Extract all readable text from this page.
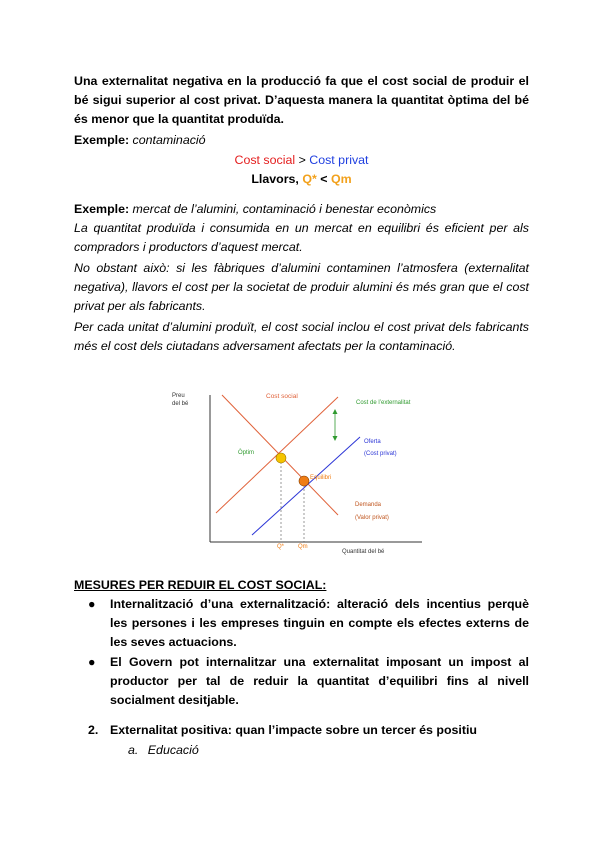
Una externalitat negativa en la producció fa que el cost social de produir el bé sigui superior al cost privat. D’aquesta manera la quantitat òptima del bé és menor que la quantitat produïda.
Exemple: contaminació
Cost social > Cost privat
Llavors, Q* < Qm
Exemple: mercat de l’alumini, contaminació i benestar econòmics
La quantitat produïda i consumida en un mercat en equilibri és eficient per als compradors i productors d’aquest mercat.
No obstant això: si les fàbriques d’alumini contaminen l’atmosfera (externalitat negativa), llavors el cost per la societat de produir alumini és més gran que el cost privat per als fabricants.
Per cada unitat d’alumini produït, el cost social inclou el cost privat dels fabricants més el cost dels ciutadans adversament afectats per la contaminació.
Preu
del bé
Quantitat del bé
Cost social
Cost de l’externalitat
Oferta
(Cost privat)
Demanda
(Valor privat)
Òptim
Equilibri
Q* Qm
MESURES PER REDUIR EL COST SOCIAL:
●	Internalització d’una externalització: alteració dels incentius perquè les persones i les empreses tinguin en compte els efectes externs de les seves actuacions.
●	El Govern pot internalitzar una externalitat imposant un impost al productor per tal de reduir la quantitat d’equilibri fins al nivell socialment desitjable.
2. Externalitat positiva: quan l’impacte sobre un tercer és positiu
a. Educació
